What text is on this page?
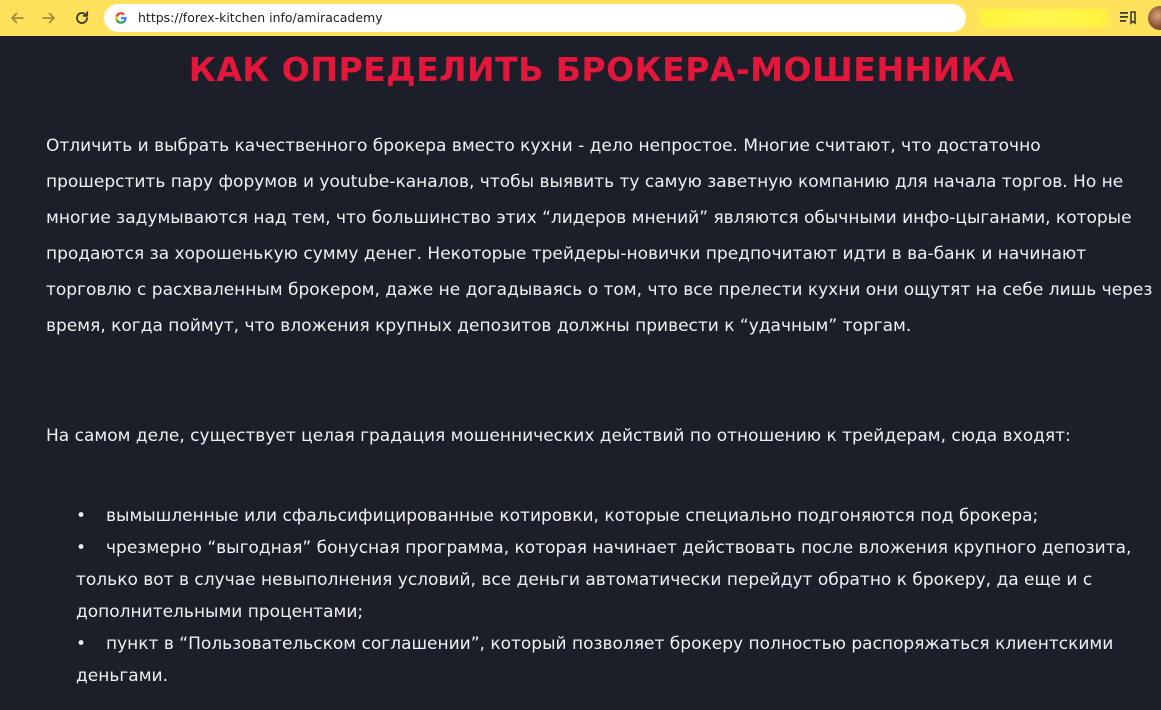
https://forex-kitchen info/amiracademy
КАК ОПРЕДЕЛИТЬ БРОКЕРА-МОШЕННИКА

Отличить и выбрать качественного брокера вместо кухни - дело непростое. Многие считают, что достаточно прошерстить пару форумов и youtube-каналов, чтобы выявить ту самую заветную компанию для начала торгов. Но не многие задумываются над тем, что большинство этих “лидеров мнений” являются обычными инфо-цыганами, которые продаются за хорошенькую сумму денег. Некоторые трейдеры-новички предпочитают идти в ва-банк и начинают торговлю с расхваленным брокером, даже не догадываясь о том, что все прелести кухни они ощутят на себе лишь через время, когда поймут, что вложения крупных депозитов должны привести к “удачным” торгам.

На самом деле, существует целая градация мошеннических действий по отношению к трейдерам, сюда входят:

• вымышленные или сфальсифицированные котировки, которые специально подгоняются под брокера;
• чрезмерно “выгодная” бонусная программа, которая начинает действовать после вложения крупного депозита, только вот в случае невыполнения условий, все деньги автоматически перейдут обратно к брокеру, да еще и с дополнительными процентами;
• пункт в “Пользовательском соглашении”, который позволяет брокеру полностью распоряжаться клиентскими деньгами.
